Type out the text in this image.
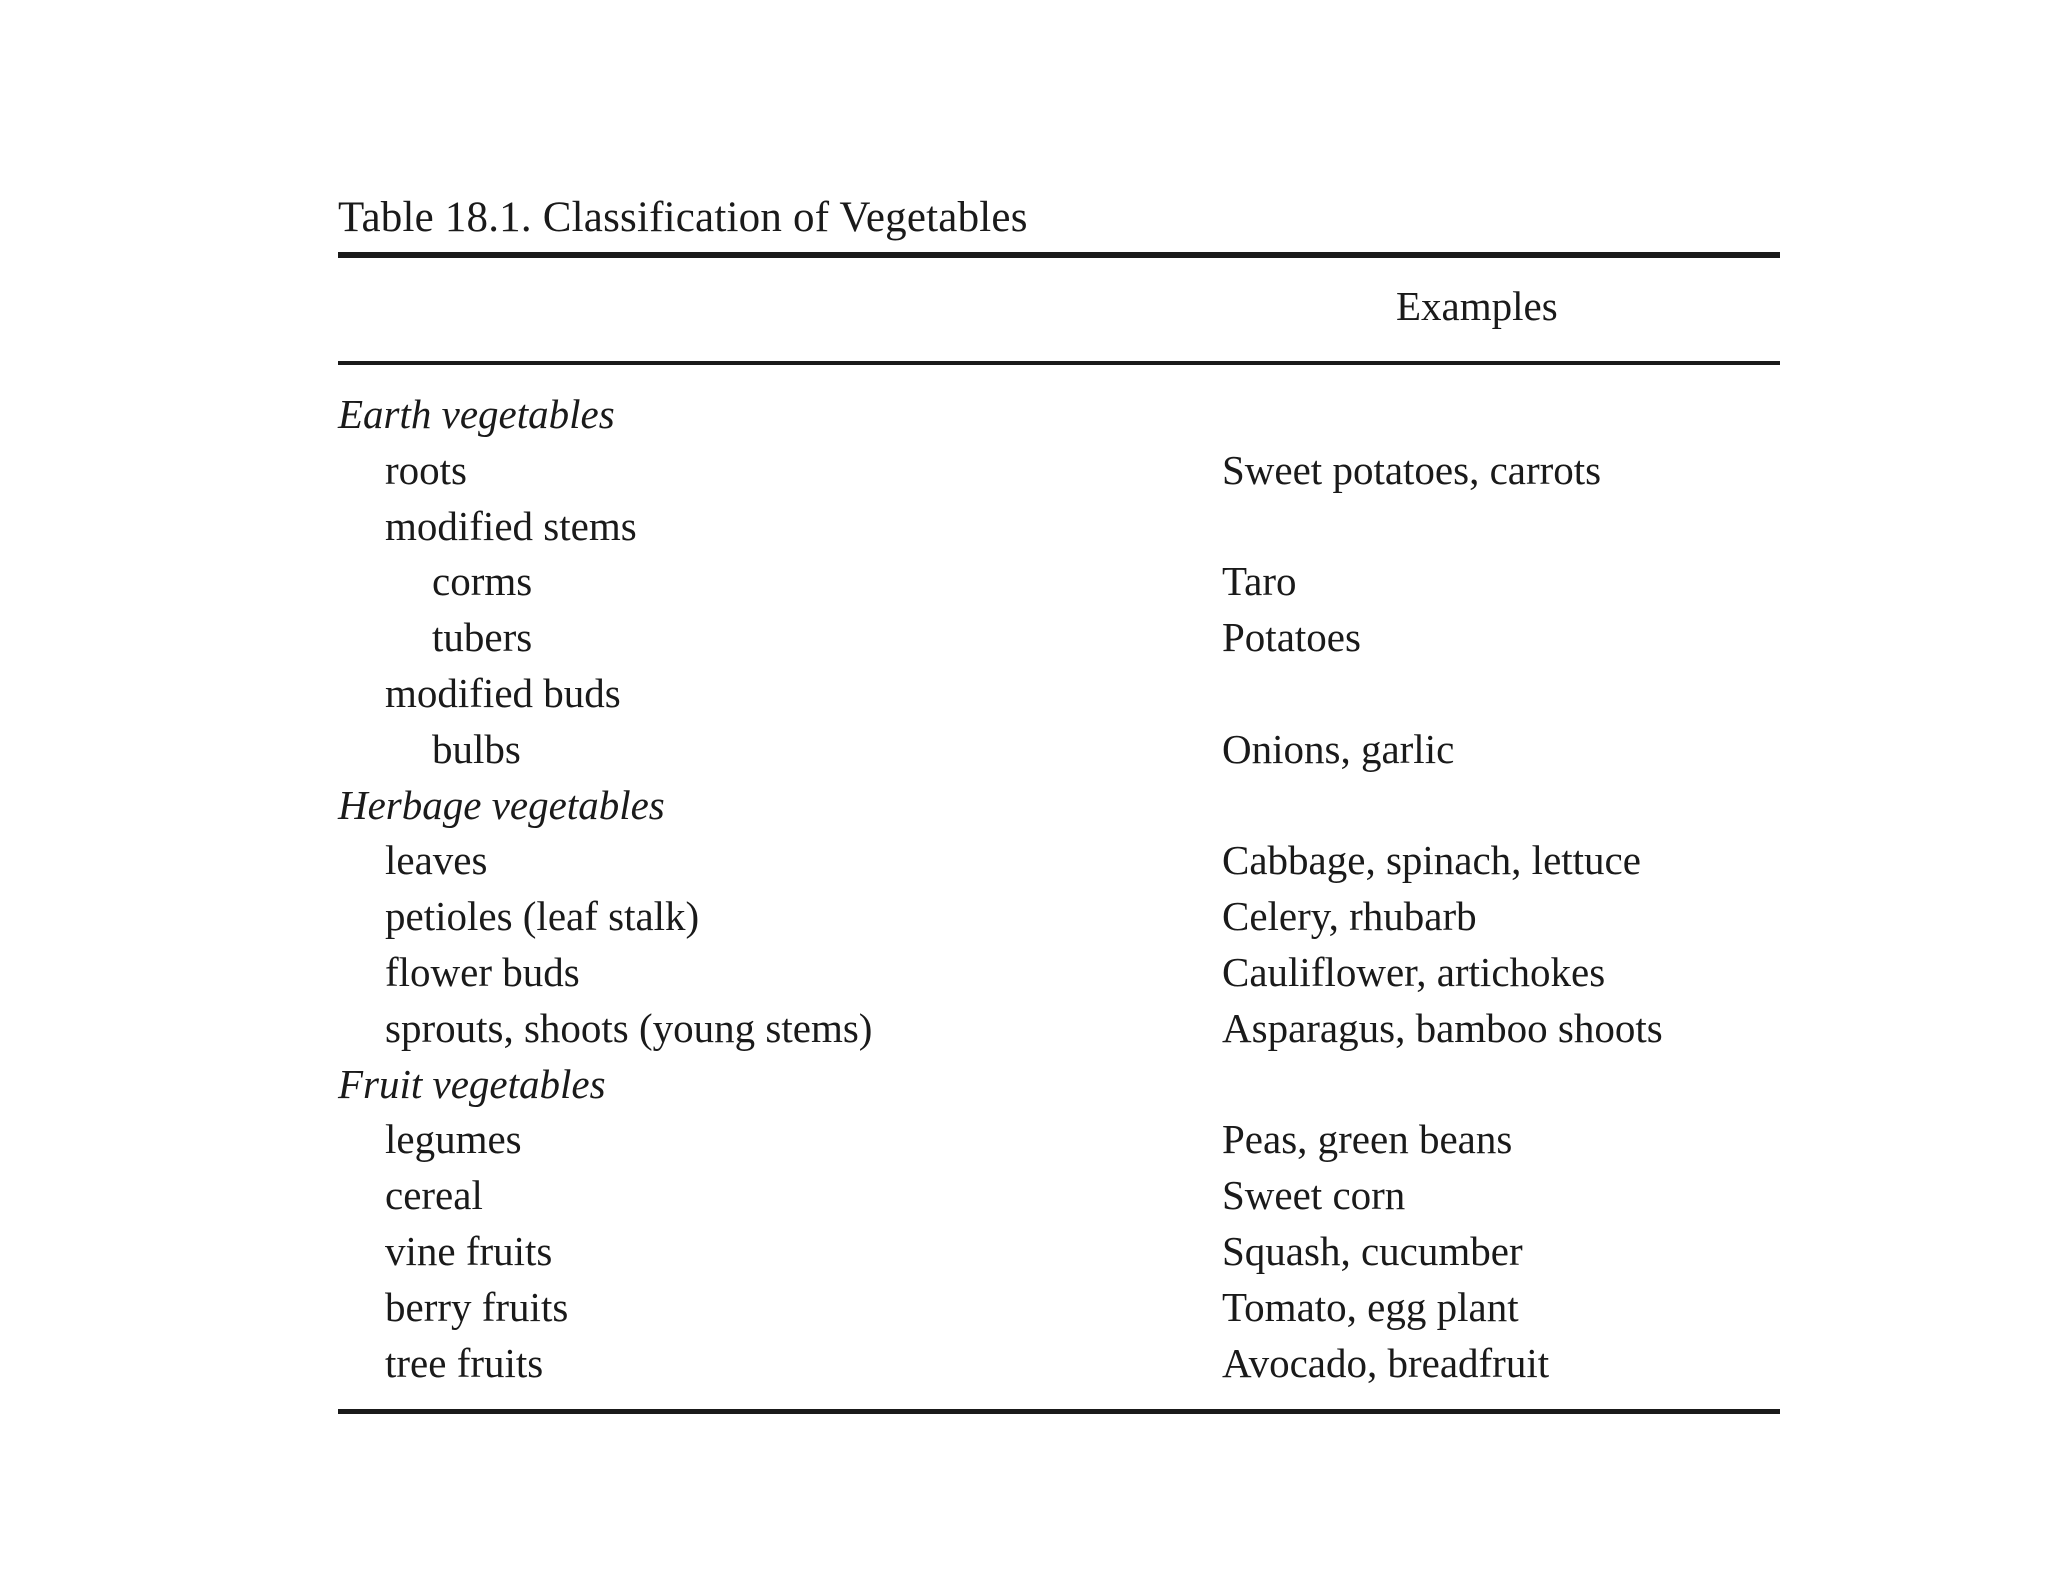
Table 18.1. Classification of Vegetables
Examples
Earth vegetables
roots	Sweet potatoes, carrots
modified stems
corms	Taro
tubers	Potatoes
modified buds
bulbs	Onions, garlic
Herbage vegetables
leaves	Cabbage, spinach, lettuce
petioles (leaf stalk)	Celery, rhubarb
flower buds	Cauliflower, artichokes
sprouts, shoots (young stems)	Asparagus, bamboo shoots
Fruit vegetables
legumes	Peas, green beans
cereal	Sweet corn
vine fruits	Squash, cucumber
berry fruits	Tomato, egg plant
tree fruits	Avocado, breadfruit
